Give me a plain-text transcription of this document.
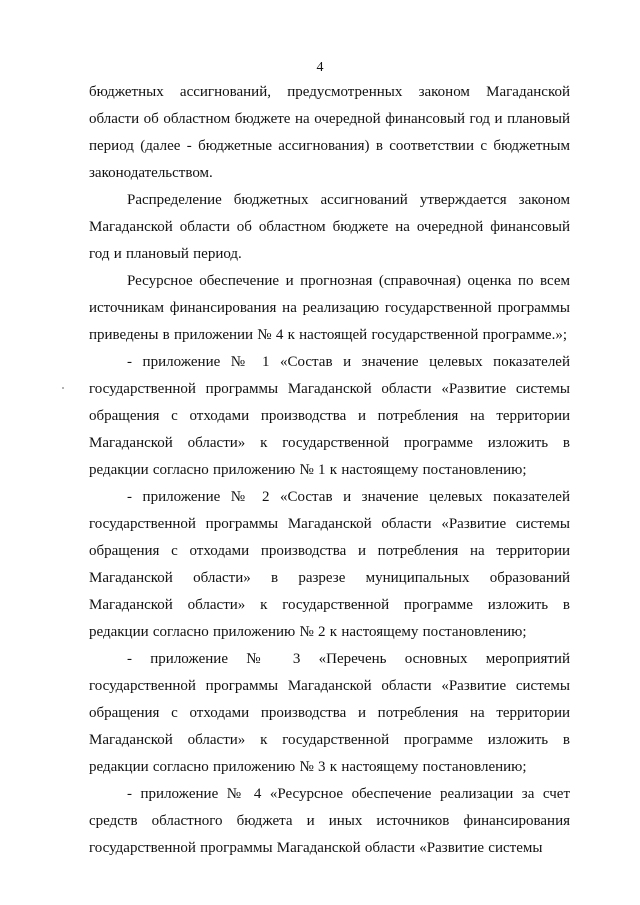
4

бюджетных ассигнований, предусмотренных законом Магаданской области об областном бюджете на очередной финансовый год и плановый период (далее - бюджетные ассигнования) в соответствии с бюджетным законодательством.

Распределение бюджетных ассигнований утверждается законом Магаданской области об областном бюджете на очередной финансовый год и плановый период.

Ресурсное обеспечение и прогнозная (справочная) оценка по всем источникам финансирования на реализацию государственной программы приведены в приложении № 4 к настоящей государственной программе.»;

- приложение № 1 «Состав и значение целевых показателей государственной программы Магаданской области «Развитие системы обращения с отходами производства и потребления на территории Магаданской области» к государственной программе изложить в редакции согласно приложению № 1 к настоящему постановлению;

- приложение № 2 «Состав и значение целевых показателей государственной программы Магаданской области «Развитие системы обращения с отходами производства и потребления на территории Магаданской области» в разрезе муниципальных образований Магаданской области» к государственной программе изложить в редакции согласно приложению № 2 к настоящему постановлению;

- приложение № 3 «Перечень основных мероприятий государственной программы Магаданской области «Развитие системы обращения с отходами производства и потребления на территории Магаданской области» к государственной программе изложить в редакции согласно приложению № 3 к настоящему постановлению;

- приложение № 4 «Ресурсное обеспечение реализации за счет средств областного бюджета и иных источников финансирования государственной программы Магаданской области «Развитие системы
